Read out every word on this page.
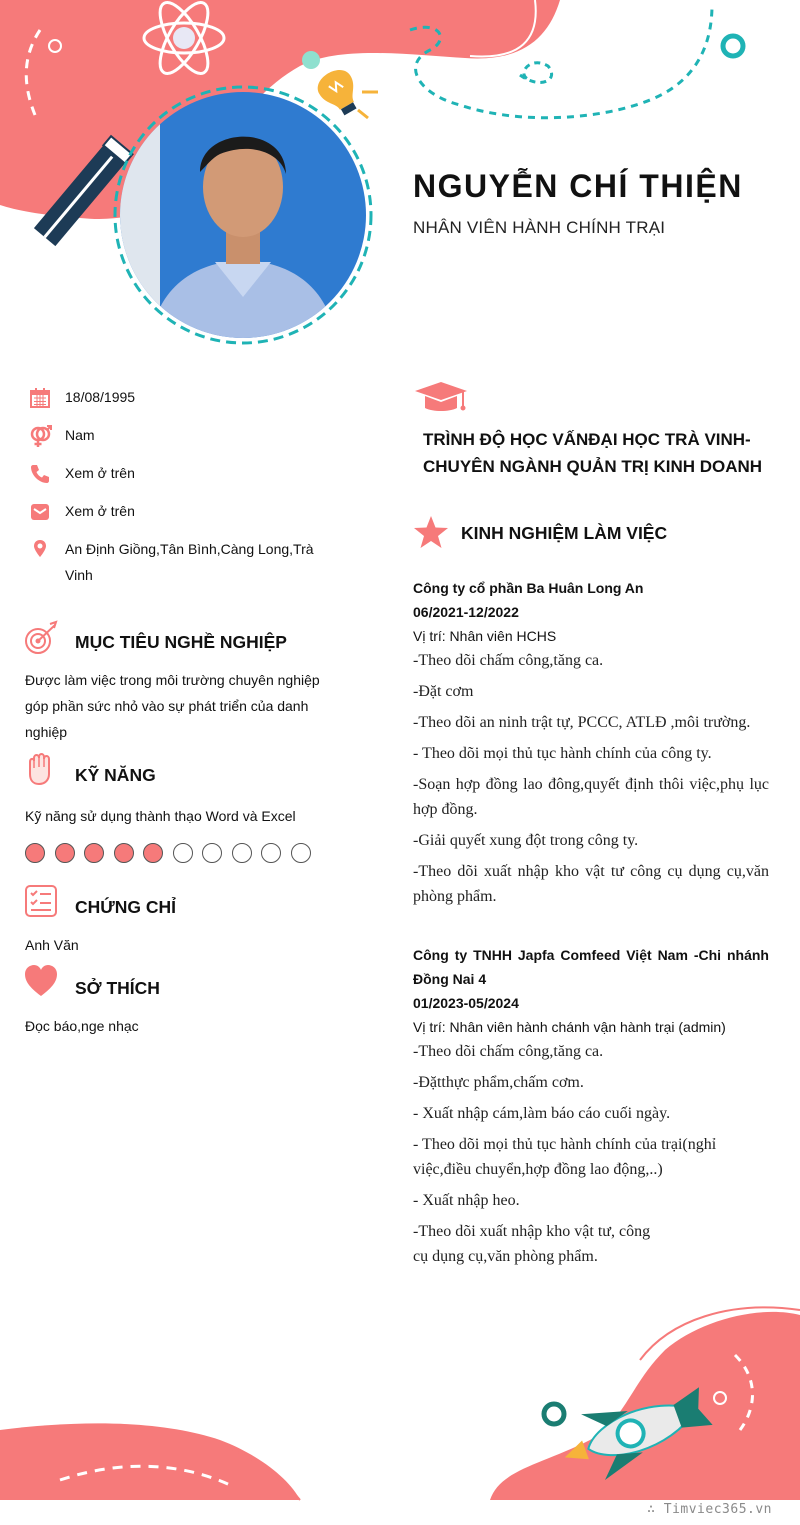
NGUYỄN CHÍ THIỆN
NHÂN VIÊN HÀNH CHÍNH TRẠI
18/08/1995
Nam
Xem ở trên
Xem ở trên
An Định Giồng,Tân Bình,Càng Long,Trà Vinh
MỤC TIÊU NGHỀ NGHIỆP
Được làm việc trong môi trường chuyên nghiệp góp phần sức nhỏ vào sự phát triển của danh nghiệp
KỸ NĂNG
Kỹ năng sử dụng thành thạo Word và Excel
CHỨNG CHỈ
Anh Văn
SỞ THÍCH
Đọc báo,nge nhạc
TRÌNH ĐỘ HỌC VẤNĐẠI HỌC TRÀ VINH-CHUYÊN NGÀNH QUẢN TRỊ KINH DOANH
KINH NGHIỆM LÀM VIỆC
Công ty cổ phần Ba Huân Long An
06/2021-12/2022
Vị trí: Nhân viên HCHS
-Theo dõi chấm công,tăng ca.
-Đặt cơm
-Theo dõi an ninh trật tự, PCCC, ATLĐ ,môi trường.
- Theo dõi mọi thủ tục hành chính của công ty.
-Soạn hợp đồng lao đông,quyết định thôi việc,phụ lục hợp đồng.
-Giải quyết xung đột trong công ty.
-Theo dõi xuất nhập kho vật tư công cụ dụng cụ,văn phòng phẩm.
Công ty TNHH Japfa Comfeed Việt Nam -Chi nhánh Đồng Nai 4
01/2023-05/2024
Vị trí: Nhân viên hành chánh vận hành trại (admin)
-Theo dõi chấm công,tăng ca.
-Đặtthực phẩm,chấm cơm.
- Xuất nhập cám,làm báo cáo cuối ngày.
- Theo dõi mọi thủ tục hành chính của trại(nghỉ việc,điều chuyển,hợp đồng lao động,..)
- Xuất nhập heo.
-Theo dõi xuất nhập kho vật tư, công cụ dụng cụ,văn phòng phẩm.
∴ Timviec365.vn
